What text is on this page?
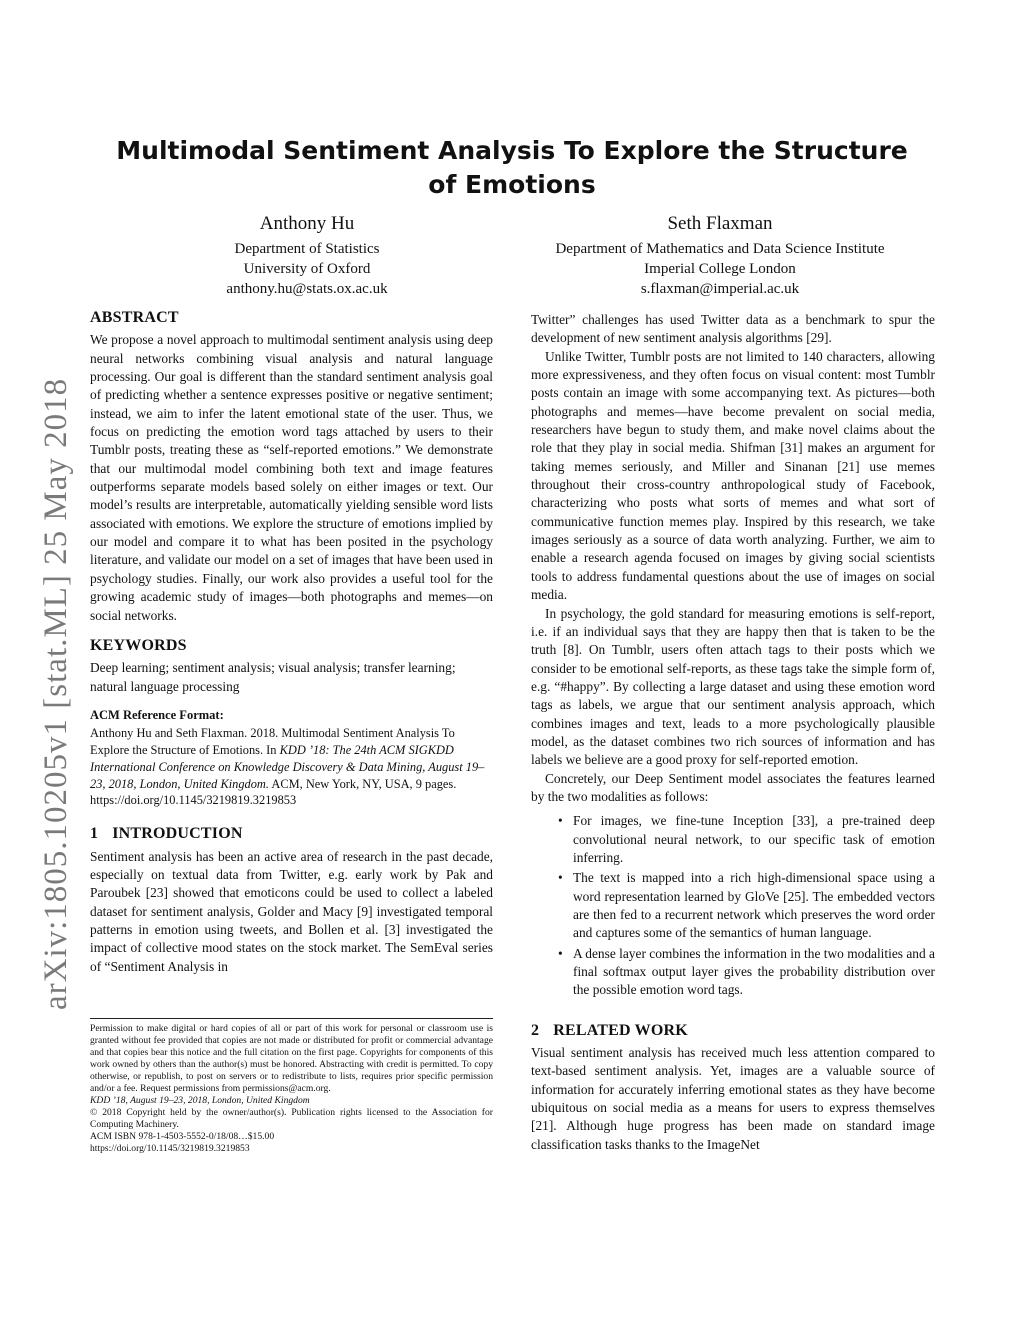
Multimodal Sentiment Analysis To Explore the Structure of Emotions
Anthony Hu
Department of Statistics
University of Oxford
anthony.hu@stats.ox.ac.uk
Seth Flaxman
Department of Mathematics and Data Science Institute
Imperial College London
s.flaxman@imperial.ac.uk
arXiv:1805.10205v1 [stat.ML] 25 May 2018
ABSTRACT

We propose a novel approach to multimodal sentiment analysis using deep neural networks combining visual analysis and natural language processing. Our goal is different than the standard sentiment analysis goal of predicting whether a sentence expresses positive or negative sentiment; instead, we aim to infer the latent emotional state of the user. Thus, we focus on predicting the emotion word tags attached by users to their Tumblr posts, treating these as “self-reported emotions.” We demonstrate that our multimodal model combining both text and image features outperforms separate models based solely on either images or text. Our model’s results are interpretable, automatically yielding sensible word lists associated with emotions. We explore the structure of emotions implied by our model and compare it to what has been posited in the psychology literature, and validate our model on a set of images that have been used in psychology studies. Finally, our work also provides a useful tool for the growing academic study of images—both photographs and memes—on social networks.

KEYWORDS

Deep learning; sentiment analysis; visual analysis; transfer learning; natural language processing

ACM Reference Format:

Anthony Hu and Seth Flaxman. 2018. Multimodal Sentiment Analysis To Explore the Structure of Emotions. In KDD ’18: The 24th ACM SIGKDD International Conference on Knowledge Discovery & Data Mining, August 19–23, 2018, London, United Kingdom. ACM, New York, NY, USA, 9 pages. https://doi.org/10.1145/3219819.3219853

1 INTRODUCTION

Sentiment analysis has been an active area of research in the past decade, especially on textual data from Twitter, e.g. early work by Pak and Paroubek [23] showed that emoticons could be used to collect a labeled dataset for sentiment analysis, Golder and Macy [9] investigated temporal patterns in emotion using tweets, and Bollen et al. [3] investigated the impact of collective mood states on the stock market. The SemEval series of “Sentiment Analysis in

Permission to make digital or hard copies of all or part of this work for personal or classroom use is granted without fee provided that copies are not made or distributed for profit or commercial advantage and that copies bear this notice and the full citation on the first page. Copyrights for components of this work owned by others than the author(s) must be honored. Abstracting with credit is permitted. To copy otherwise, or republish, to post on servers or to redistribute to lists, requires prior specific permission and/or a fee. Request permissions from permissions@acm.org.

KDD ’18, August 19–23, 2018, London, United Kingdom

© 2018 Copyright held by the owner/author(s). Publication rights licensed to the Association for Computing Machinery.

ACM ISBN 978-1-4503-5552-0/18/08…$15.00

https://doi.org/10.1145/3219819.3219853

Twitter” challenges has used Twitter data as a benchmark to spur the development of new sentiment analysis algorithms [29].

Unlike Twitter, Tumblr posts are not limited to 140 characters, allowing more expressiveness, and they often focus on visual content: most Tumblr posts contain an image with some accompanying text. As pictures—both photographs and memes—have become prevalent on social media, researchers have begun to study them, and make novel claims about the role that they play in social media. Shifman [31] makes an argument for taking memes seriously, and Miller and Sinanan [21] use memes throughout their cross-country anthropological study of Facebook, characterizing who posts what sorts of memes and what sort of communicative function memes play. Inspired by this research, we take images seriously as a source of data worth analyzing. Further, we aim to enable a research agenda focused on images by giving social scientists tools to address fundamental questions about the use of images on social media.

In psychology, the gold standard for measuring emotions is self-report, i.e. if an individual says that they are happy then that is taken to be the truth [8]. On Tumblr, users often attach tags to their posts which we consider to be emotional self-reports, as these tags take the simple form of, e.g. “#happy”. By collecting a large dataset and using these emotion word tags as labels, we argue that our sentiment analysis approach, which combines images and text, leads to a more psychologically plausible model, as the dataset combines two rich sources of information and has labels we believe are a good proxy for self-reported emotion.

Concretely, our Deep Sentiment model associates the features learned by the two modalities as follows:

• For images, we fine-tune Inception [33], a pre-trained deep convolutional neural network, to our specific task of emotion inferring.
• The text is mapped into a rich high-dimensional space using a word representation learned by GloVe [25]. The embedded vectors are then fed to a recurrent network which preserves the word order and captures some of the semantics of human language.
• A dense layer combines the information in the two modalities and a final softmax output layer gives the probability distribution over the possible emotion word tags.
2 RELATED WORK

Visual sentiment analysis has received much less attention compared to text-based sentiment analysis. Yet, images are a valuable source of information for accurately inferring emotional states as they have become ubiquitous on social media as a means for users to express themselves [21]. Although huge progress has been made on standard image classification tasks thanks to the ImageNet
